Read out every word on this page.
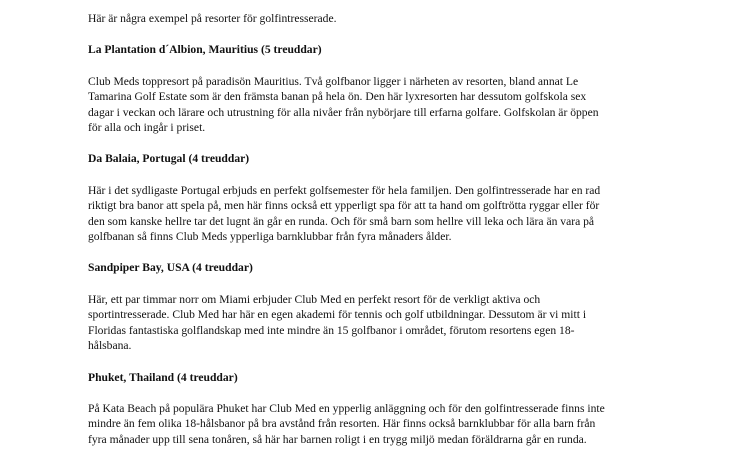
Här är några exempel på resorter för golfintresserade.

La Plantation d´Albion, Mauritius (5 treuddar)

Club Meds toppresort på paradisön Mauritius. Två golfbanor ligger i närheten av resorten, bland annat Le
Tamarina Golf Estate som är den främsta banan på hela ön. Den här lyxresorten har dessutom golfskola sex
dagar i veckan och lärare och utrustning för alla nivåer från nybörjare till erfarna golfare. Golfskolan är öppen
för alla och ingår i priset.

Da Balaia, Portugal (4 treuddar)

Här i det sydligaste Portugal erbjuds en perfekt golfsemester för hela familjen. Den golfintresserade har en rad
riktigt bra banor att spela på, men här finns också ett ypperligt spa för att ta hand om golftrötta ryggar eller för
den som kanske hellre tar det lugnt än går en runda. Och för små barn som hellre vill leka och lära än vara på
golfbanan så finns Club Meds ypperliga barnklubbar från fyra månaders ålder.

Sandpiper Bay, USA (4 treuddar)

Här, ett par timmar norr om Miami erbjuder Club Med en perfekt resort för de verkligt aktiva och
sportintresserade. Club Med har här en egen akademi för tennis och golf utbildningar. Dessutom är vi mitt i
Floridas fantastiska golflandskap med inte mindre än 15 golfbanor i området, förutom resortens egen 18-
hålsbana.

Phuket, Thailand (4 treuddar)

På Kata Beach på populära Phuket har Club Med en ypperlig anläggning och för den golfintresserade finns inte
mindre än fem olika 18-hålsbanor på bra avstånd från resorten. Här finns också barnklubbar för alla barn från
fyra månader upp till sena tonåren, så här har barnen roligt i en trygg miljö medan föräldrarna går en runda.
